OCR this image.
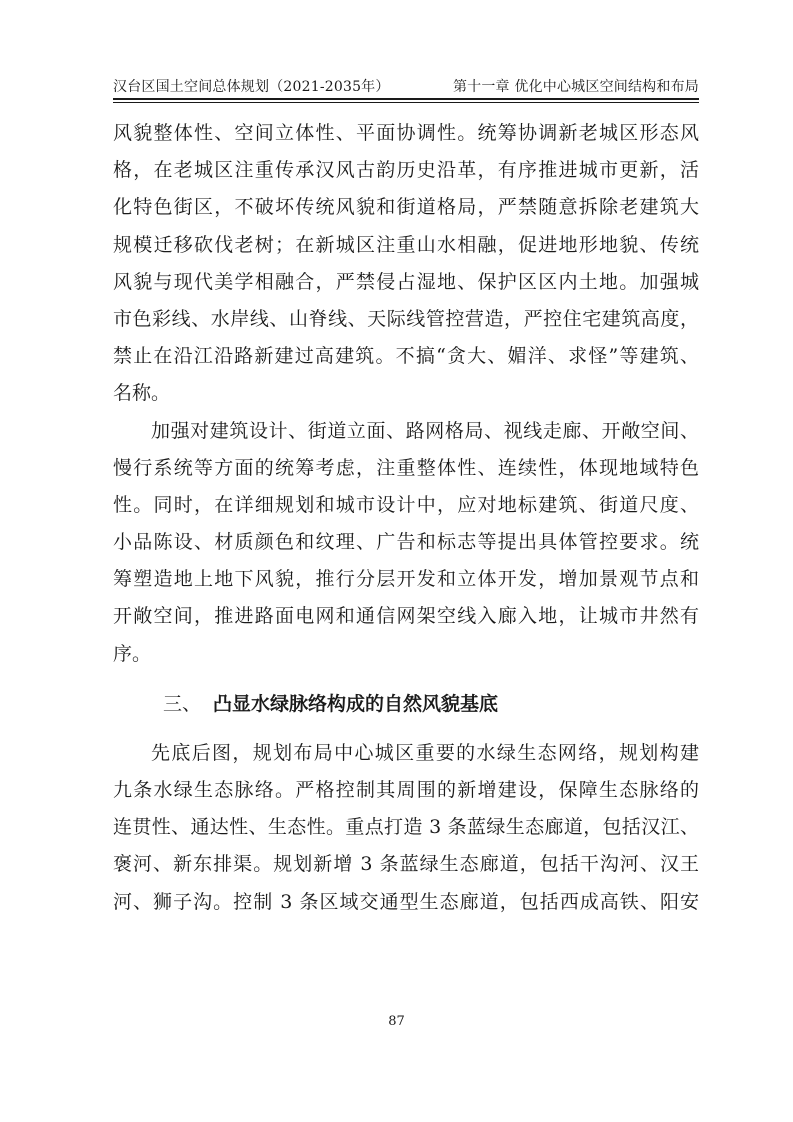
汉台区国土空间总体规划（2021-2035年）	第十一章 优化中心城区空间结构和布局
风貌整体性、空间立体性、平面协调性。统筹协调新老城区形态风
格，在老城区注重传承汉风古韵历史沿革，有序推进城市更新，活
化特色街区，不破坏传统风貌和街道格局，严禁随意拆除老建筑大
规模迁移砍伐老树；在新城区注重山水相融，促进地形地貌、传统
风貌与现代美学相融合，严禁侵占湿地、保护区区内土地。加强城
市色彩线、水岸线、山脊线、天际线管控营造，严控住宅建筑高度，
禁止在沿江沿路新建过高建筑。不搞“贪大、媚洋、求怪”等建筑、
名称。
加强对建筑设计、街道立面、路网格局、视线走廊、开敞空间、
慢行系统等方面的统筹考虑，注重整体性、连续性，体现地域特色
性。同时，在详细规划和城市设计中，应对地标建筑、街道尺度、
小品陈设、材质颜色和纹理、广告和标志等提出具体管控要求。统
筹塑造地上地下风貌，推行分层开发和立体开发，增加景观节点和
开敞空间，推进路面电网和通信网架空线入廊入地，让城市井然有
序。
三、 凸显水绿脉络构成的自然风貌基底
先底后图，规划布局中心城区重要的水绿生态网络，规划构建
九条水绿生态脉络。严格控制其周围的新增建设，保障生态脉络的
连贯性、通达性、生态性。重点打造 3 条蓝绿生态廊道，包括汉江、
褒河、新东排渠。规划新增 3 条蓝绿生态廊道，包括干沟河、汉王
河、狮子沟。控制 3 条区域交通型生态廊道，包括西成高铁、阳安
87
